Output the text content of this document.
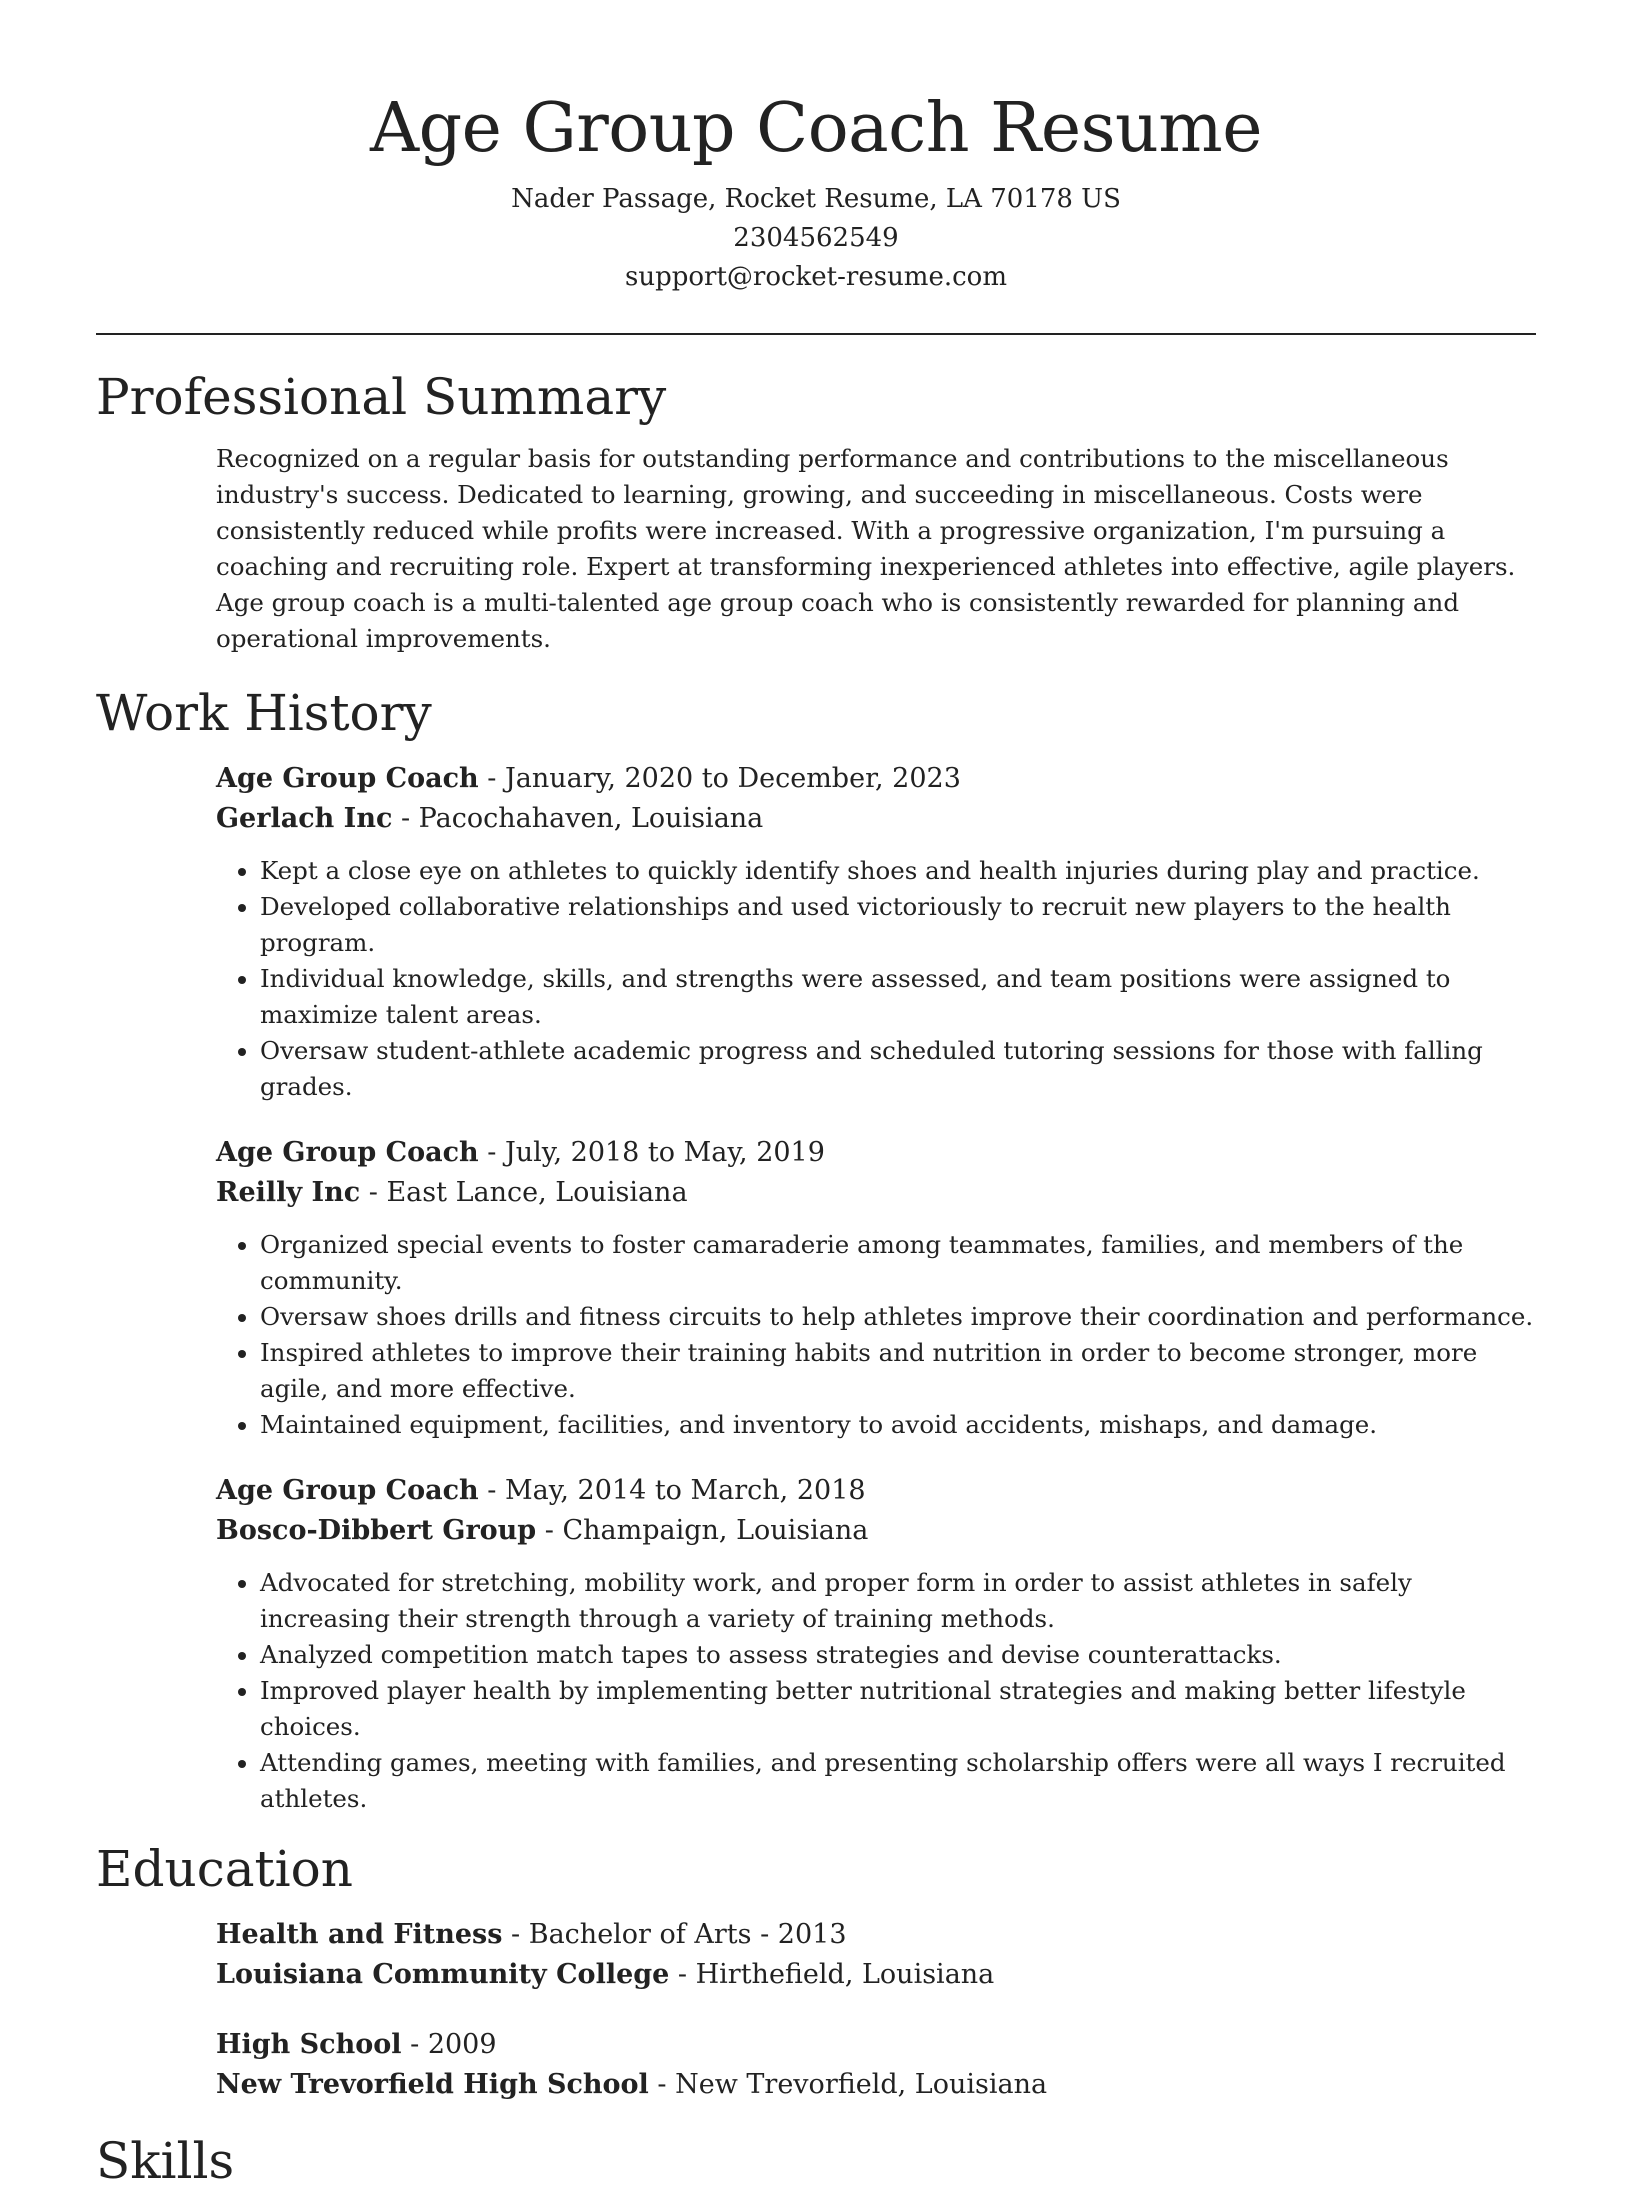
Age Group Coach Resume
Nader Passage, Rocket Resume, LA 70178 US
2304562549
support@rocket-resume.com
Professional Summary

Recognized on a regular basis for outstanding performance and contributions to the miscellaneous industry's success. Dedicated to learning, growing, and succeeding in miscellaneous. Costs were consistently reduced while profits were increased. With a progressive organization, I'm pursuing a coaching and recruiting role. Expert at transforming inexperienced athletes into effective, agile players. Age group coach is a multi-talented age group coach who is consistently rewarded for planning and operational improvements.

Work History
Age Group Coach - January, 2020 to December, 2023
Gerlach Inc - Pacochahaven, Louisiana
• Kept a close eye on athletes to quickly identify shoes and health injuries during play and practice.
• Developed collaborative relationships and used victoriously to recruit new players to the health program.
• Individual knowledge, skills, and strengths were assessed, and team positions were assigned to maximize talent areas.
• Oversaw student-athlete academic progress and scheduled tutoring sessions for those with falling grades.
Age Group Coach - July, 2018 to May, 2019
Reilly Inc - East Lance, Louisiana
• Organized special events to foster camaraderie among teammates, families, and members of the community.
• Oversaw shoes drills and fitness circuits to help athletes improve their coordination and performance.
• Inspired athletes to improve their training habits and nutrition in order to become stronger, more agile, and more effective.
• Maintained equipment, facilities, and inventory to avoid accidents, mishaps, and damage.
Age Group Coach - May, 2014 to March, 2018
Bosco-Dibbert Group - Champaign, Louisiana
• Advocated for stretching, mobility work, and proper form in order to assist athletes in safely increasing their strength through a variety of training methods.
• Analyzed competition match tapes to assess strategies and devise counterattacks.
• Improved player health by implementing better nutritional strategies and making better lifestyle choices.
• Attending games, meeting with families, and presenting scholarship offers were all ways I recruited athletes.
Education
Health and Fitness - Bachelor of Arts - 2013
Louisiana Community College - Hirthefield, Louisiana
High School - 2009
New Trevorfield High School - New Trevorfield, Louisiana
Skills
